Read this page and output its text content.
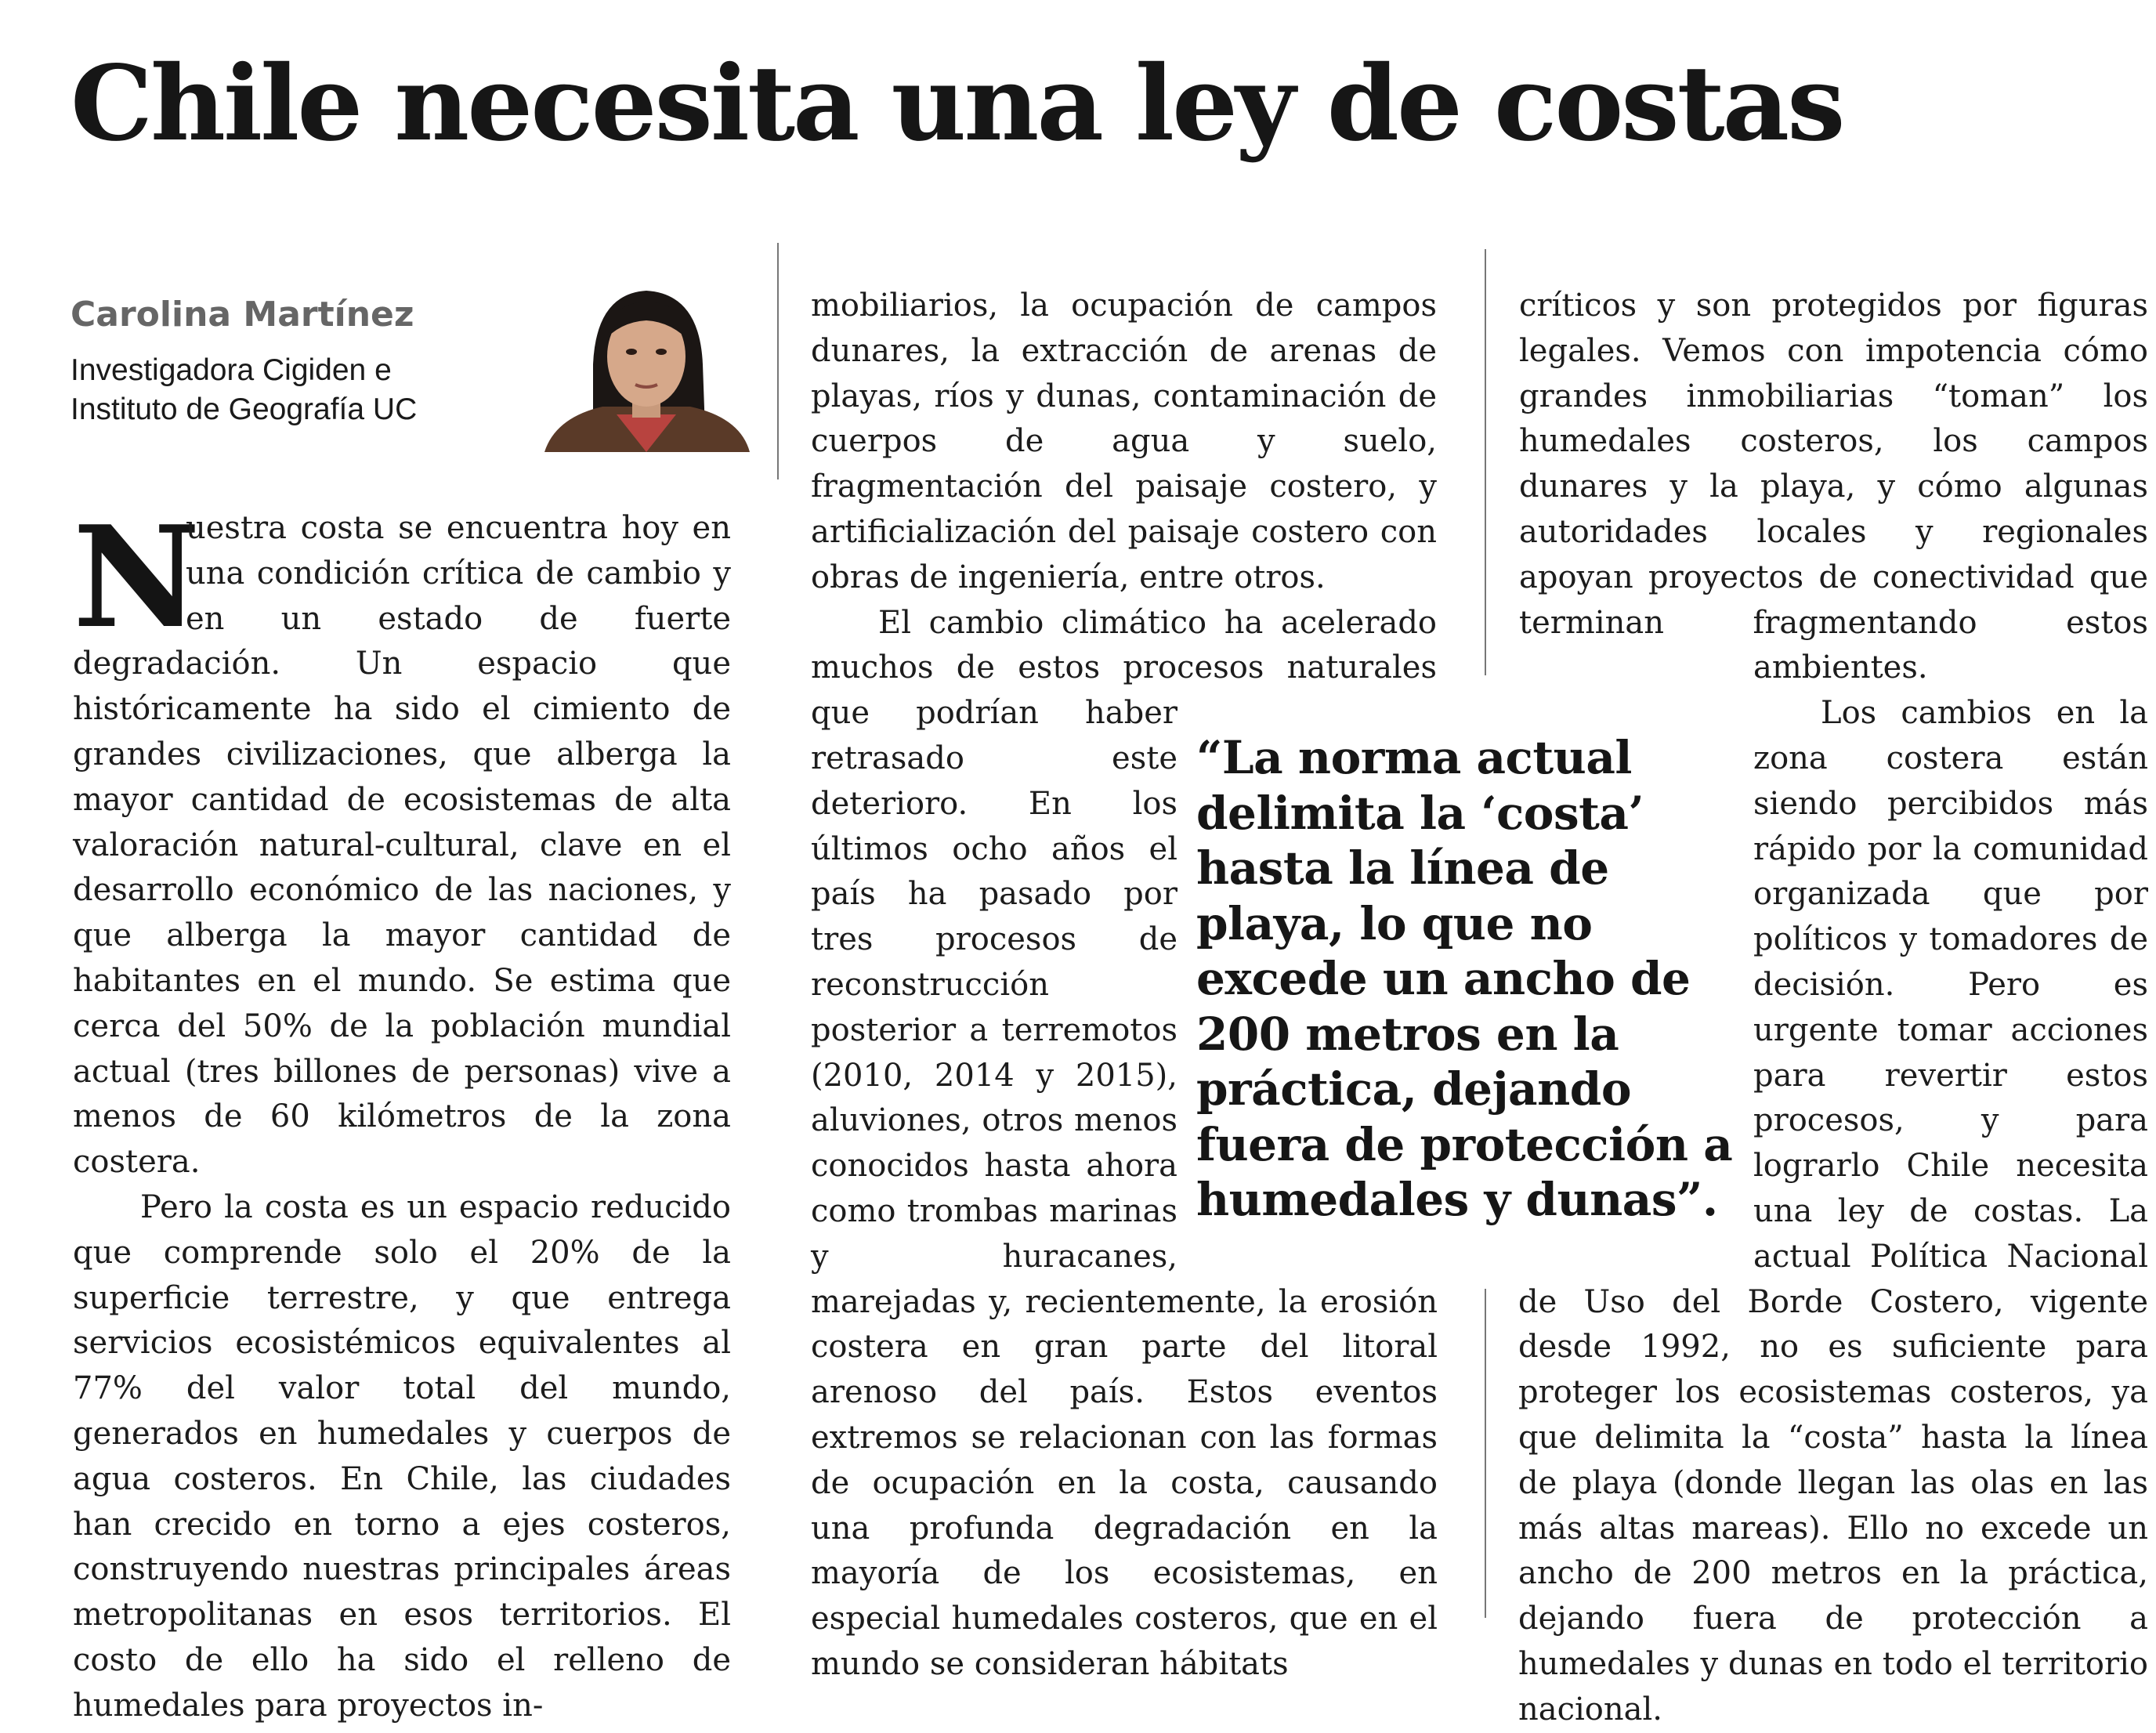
Chile necesita una ley de costas
Carolina Martínez
Investigadora Cigiden e
Instituto de Geografía UC
N

uestra costa se encuentra hoy en una condición crítica de cambio y en un estado de fuerte degradación. Un espacio que históricamente ha sido el cimiento de grandes civilizaciones, que alberga la mayor cantidad de ecosistemas de alta valoración natural-cultural, clave en el desarrollo económico de las naciones, y que alberga la mayor cantidad de habitantes en el mundo. Se estima que cerca del 50% de la población mundial actual (tres billones de personas) vive a menos de 60 kilómetros de la zona costera.

Pero la costa es un espacio reducido que comprende solo el 20% de la superficie terrestre, y que entrega servicios ecosistémicos equivalentes al 77% del valor total del mundo, generados en humedales y cuerpos de agua costeros. En Chile, las ciudades han crecido en torno a ejes costeros, construyendo nuestras principales áreas metropolitanas en esos territorios. El costo de ello ha sido el relleno de humedales para proyectos in-

mobiliarios, la ocupación de campos dunares, la extracción de arenas de playas, ríos y dunas, contaminación de cuerpos de agua y suelo, fragmentación del paisaje costero, y artificialización del paisaje costero con obras de ingeniería, entre otros.

El cambio climático ha acelerado muchos de estos procesos naturales que podrían haber retrasado este deterioro. En los últimos ocho años el país ha pasado por tres procesos de reconstrucción posterior a terremotos (2010, 2014 y 2015), aluviones, otros menos conocidos hasta ahora como trombas marinas y huracanes, marejadas y, recientemente, la erosión costera en gran parte del litoral arenoso del país. Estos eventos extremos se relacionan con las formas de ocupación en la costa, causando una profunda degradación en la mayoría de los ecosistemas, en especial humedales costeros, que en el mundo se consideran hábitats

críticos y son protegidos por figuras legales. Vemos con impotencia cómo grandes inmobiliarias “toman” los humedales costeros, los campos dunares y la playa, y cómo algunas autoridades locales y regionales apoyan proyectos de conectividad que terminan fragmentando estos ambientes.

Los cambios en la zona costera están siendo percibidos más rápido por la comunidad organizada que por políticos y tomadores de decisión. Pero es urgente tomar acciones para revertir estos procesos, y para lograrlo Chile necesita una ley de costas. La actual Política Nacional de Uso del Borde Costero, vigente desde 1992, no es suficiente para proteger los ecosistemas costeros, ya que delimita la “costa” hasta la línea de playa (donde llegan las olas en las más altas mareas). Ello no excede un ancho de 200 metros en la práctica, dejando fuera de protección a humedales y dunas en todo el territorio nacional.

“La norma actual delimita la ‘costa’ hasta la línea de playa, lo que no excede un ancho de 200 metros en la práctica, dejando fuera de protección a humedales y dunas”.
